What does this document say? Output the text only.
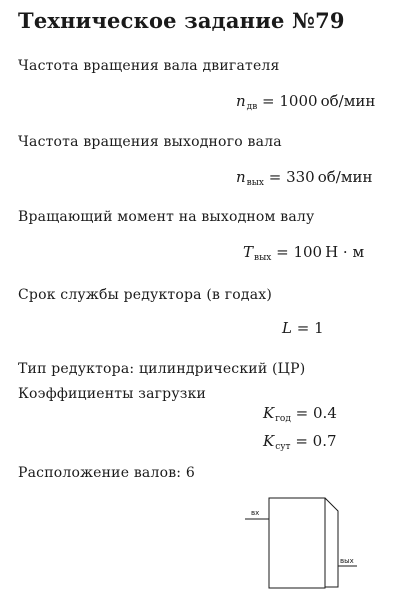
Техническое задание №79
Частота вращения вала двигателя
$n_{дв} = 1000$ об/мин
Частота вращения выходного вала
$n_{вых} = 330$ об/мин
Вращающий момент на выходном валу
$T_{вых} = 100$ Н · м
Срок службы редуктора (в годах)
L = 1
Тип редуктора: цилиндрический (ЦР)
Коэффициенты загрузки
$K_{год} = 0.4$
$K_{сут} = 0.7$
Расположение валов: 6
вх
вых
